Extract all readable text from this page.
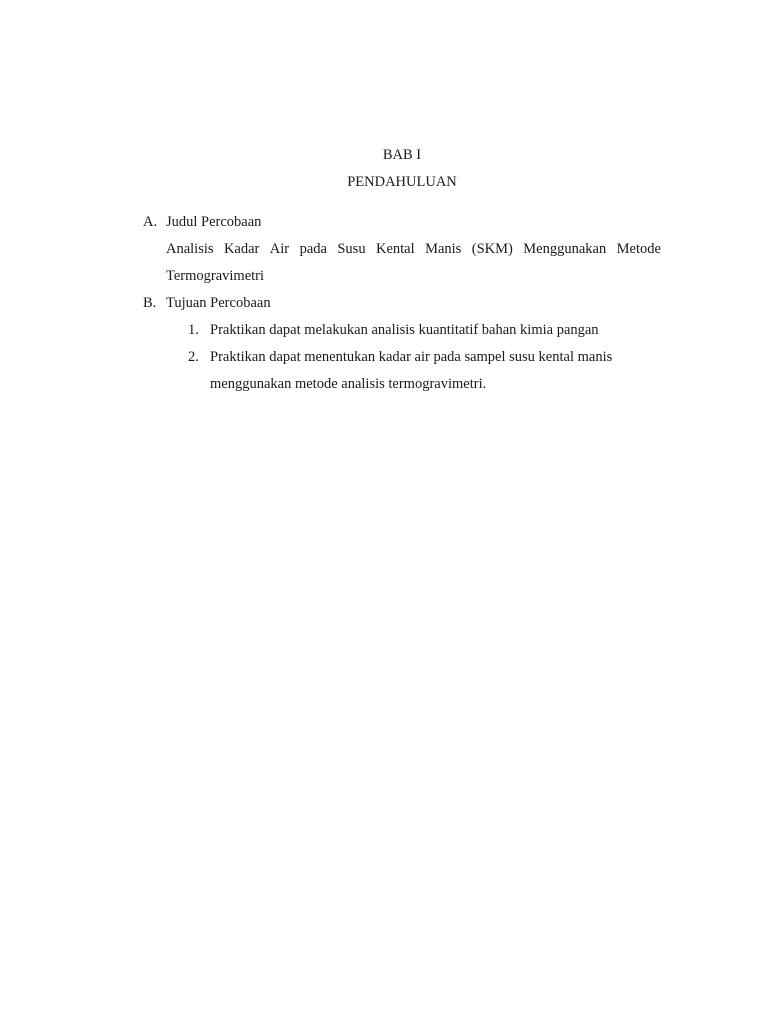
BAB I
PENDAHULUAN
A. Judul Percobaan
Analisis Kadar Air pada Susu Kental Manis (SKM) Menggunakan Metode
Termogravimetri
B. Tujuan Percobaan
1. Praktikan dapat melakukan analisis kuantitatif bahan kimia pangan
2. Praktikan dapat menentukan kadar air pada sampel susu kental manis
menggunakan metode analisis termogravimetri.
